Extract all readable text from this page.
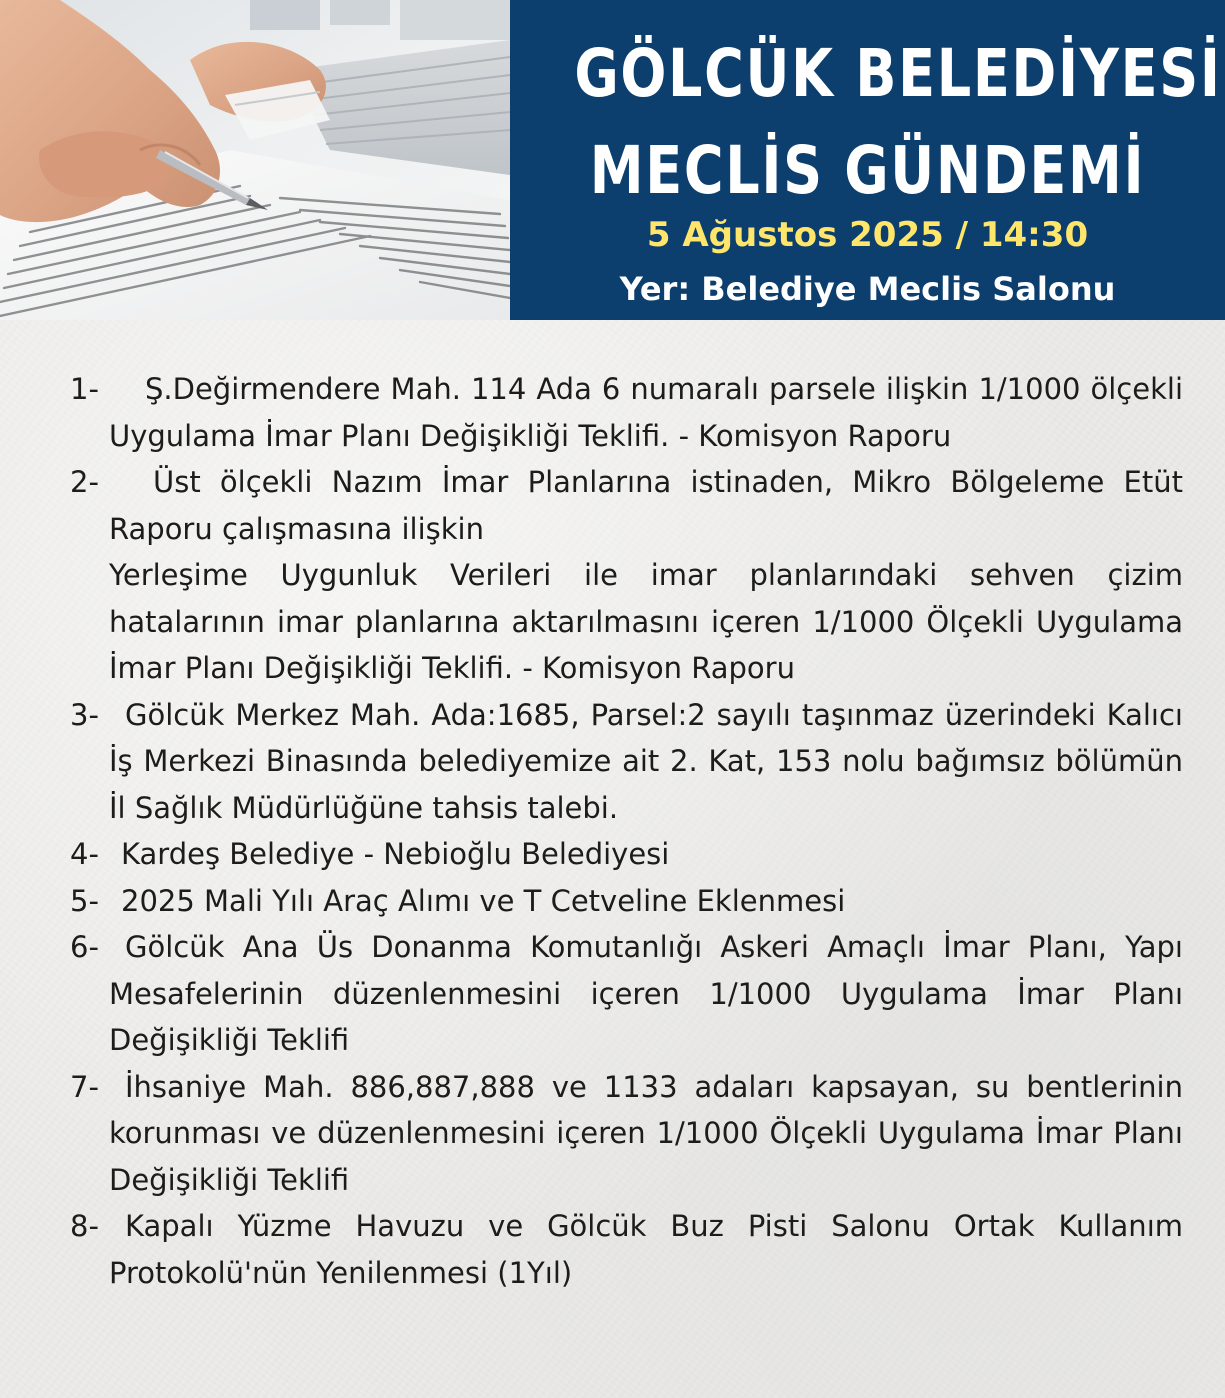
GÖLCÜK BELEDİYESİ
MECLİS GÜNDEMİ
5 Ağustos 2025 / 14:30
Yer: Belediye Meclis Salonu
1-	Ş.Değirmendere Mah. 114 Ada 6 numaralı parsele ilişkin 1/1000 ölçekli Uygulama İmar Planı Değişikliği Teklifi. - Komisyon Raporu
2-	Üst ölçekli Nazım İmar Planlarına istinaden, Mikro Bölgeleme Etüt Raporu çalışmasına ilişkin
Yerleşime Uygunluk Verileri ile imar planlarındaki sehven çizim hatalarının imar planlarına aktarılmasını içeren 1/1000 Ölçekli Uygulama İmar Planı Değişikliği Teklifi. - Komisyon Raporu
3- Gölcük Merkez Mah. Ada:1685, Parsel:2 sayılı taşınmaz üzerindeki Kalıcı İş Merkezi Binasında belediyemize ait 2. Kat, 153 nolu bağımsız bölümün İl Sağlık Müdürlüğüne tahsis talebi.
4- Kardeş Belediye - Nebioğlu Belediyesi
5- 2025 Mali Yılı Araç Alımı ve T Cetveline Eklenmesi
6- Gölcük Ana Üs Donanma Komutanlığı Askeri Amaçlı İmar Planı, Yapı Mesafelerinin düzenlenmesini içeren 1/1000 Uygulama İmar Planı Değişikliği Teklifi
7- İhsaniye Mah. 886,887,888 ve 1133 adaları kapsayan, su bentlerinin korunması ve düzenlenmesini içeren 1/1000 Ölçekli Uygulama İmar Planı Değişikliği Teklifi
8- Kapalı Yüzme Havuzu ve Gölcük Buz Pisti Salonu Ortak Kullanım Protokolü'nün Yenilenmesi (1Yıl)
